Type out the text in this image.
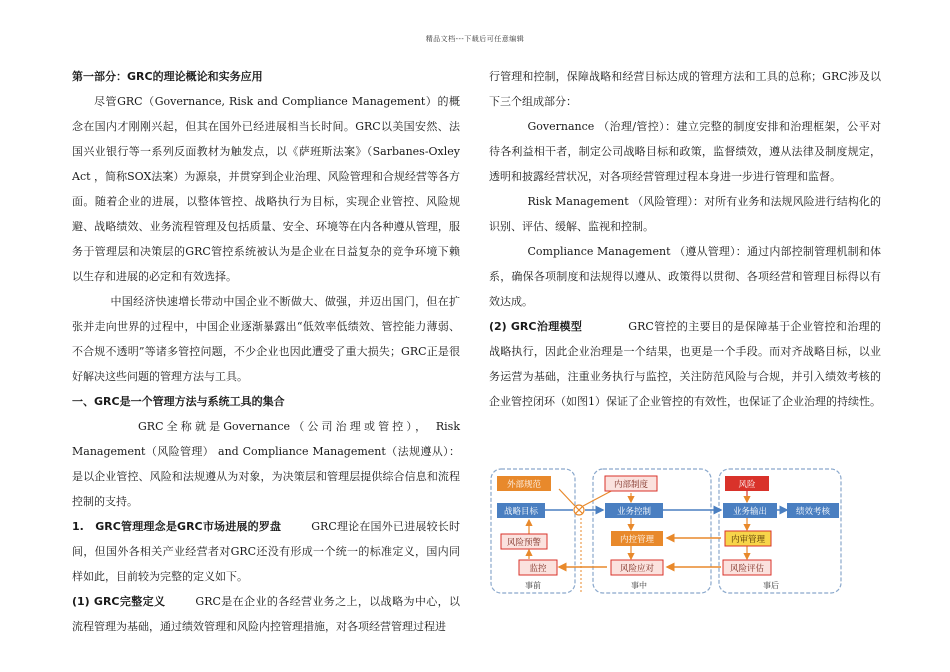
精品文档---下载后可任意编辑

第一部分：GRC的理论概论和实务应用

尽管GRC（Governance, Risk and Compliance Management）的概念在国内才刚刚兴起，但其在国外已经进展相当长时间。GRC以美国安然、法国兴业银行等一系列反面教材为触发点，以《萨班斯法案》（Sarbanes-Oxley Act ，简称SOX法案）为源泉，并贯穿到企业治理、风险管理和合规经营等各方面。随着企业的进展，以整体管控、战略执行为目标，实现企业管控、风险规避、战略绩效、业务流程管理及包括质量、安全、环境等在内各种遵从管理，服务于管理层和决策层的GRC管控系统被认为是企业在日益复杂的竞争环境下赖以生存和进展的必定和有效选择。

中国经济快速增长带动中国企业不断做大、做强，并迈出国门，但在扩张并走向世界的过程中，中国企业逐渐暴露出“低效率低绩效、管控能力薄弱、不合规不透明”等诸多管控问题，不少企业也因此遭受了重大损失；GRC正是很好解决这些问题的管理方法与工具。

一、GRC是一个管理方法与系统工具的集合

GRC全称就是Governance（公司治理或管控）， Risk Management（风险管理） and Compliance Management（法规遵从）：是以企业管控、风险和法规遵从为对象，为决策层和管理层提供综合信息和流程控制的支持。

1.　GRC管理理念是GRC市场进展的罗盘	GRC理论在国外已进展较长时间，但国外各相关产业经营者对GRC还没有形成一个统一的标准定义，国内同样如此，目前较为完整的定义如下。

(1) GRC完整定义	GRC是在企业的各经营业务之上，以战略为中心，以流程管理为基础，通过绩效管理和风险内控管理措施，对各项经营管理过程进

行管理和控制，保障战略和经营目标达成的管理方法和工具的总称；GRC涉及以下三个组成部分：

Governance （治理/管控）：建立完整的制度安排和治理框架，公平对待各利益相干者，制定公司战略目标和政策，监督绩效，遵从法律及制度规定，透明和披露经营状况，对各项经营管理过程本身进一步进行管理和监督。

Risk Management （风险管理）：对所有业务和法规风险进行结构化的识别、评估、缓解、监视和控制。

Compliance Management （遵从管理）：通过内部控制管理机制和体系，确保各项制度和法规得以遵从、政策得以贯彻、各项经营和管理目标得以有效达成。

(2) GRC治理模型	GRC管控的主要目的是保障基于企业管控和治理的战略执行，因此企业治理是一个结果，也更是一个手段。而对齐战略目标，以业务运营为基础，注重业务执行与监控，关注防范风险与合规，并引入绩效考核的企业管控闭环（如图1）保证了企业管控的有效性，也保证了企业治理的持续性。

外部规范
战略目标
风险预警
监控
事前
内部制度
业务控制
内控管理
风险应对
事中
风险
业务输出
内审管理
风险评估
事后
绩效考核
